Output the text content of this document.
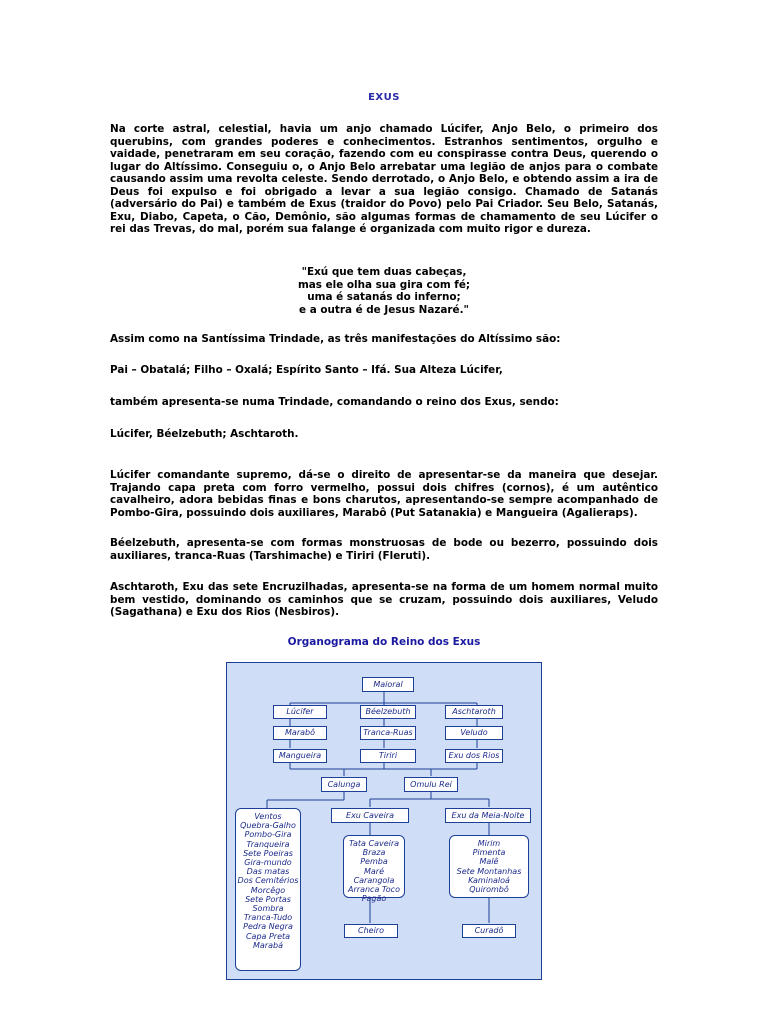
EXUS

Na corte astral, celestial, havia um anjo chamado Lúcifer, Anjo Belo, o primeiro dos querubins, com grandes poderes e conhecimentos. Estranhos sentimentos, orgulho e vaidade, penetraram em seu coração, fazendo com eu conspirasse contra Deus, querendo o lugar do Altíssimo. Conseguiu o, o Anjo Belo arrebatar uma legião de anjos para o combate causando assim uma revolta celeste. Sendo derrotado, o Anjo Belo, e obtendo assim a ira de Deus foi expulso e foi obrigado a levar a sua legião consigo. Chamado de Satanás (adversário do Pai) e também de Exus (traidor do Povo) pelo Pai Criador. Seu Belo, Satanás, Exu, Diabo, Capeta, o Cão, Demônio, são algumas formas de chamamento de seu Lúcifer o rei das Trevas, do mal, porém sua falange é organizada com muito rigor e dureza.

"Exú que tem duas cabeças,
mas ele olha sua gira com fé;
uma é satanás do inferno;
e a outra é de Jesus Nazaré."

Assim como na Santíssima Trindade, as três manifestações do Altíssimo são:

Pai – Obatalá; Filho – Oxalá; Espírito Santo – Ifá. Sua Alteza Lúcifer,

também apresenta-se numa Trindade, comandando o reino dos Exus, sendo:

Lúcifer, Béelzebuth; Aschtaroth.

Lúcifer comandante supremo, dá-se o direito de apresentar-se da maneira que desejar. Trajando capa preta com forro vermelho, possui dois chifres (cornos), é um autêntico cavalheiro, adora bebidas finas e bons charutos, apresentando-se sempre acompanhado de Pombo-Gira, possuindo dois auxiliares, Marabô (Put Satanakia) e Mangueira (Agalieraps).

Béelzebuth, apresenta-se com formas monstruosas de bode ou bezerro, possuindo dois auxiliares, tranca-Ruas (Tarshimache) e Tiriri (Fleruti).

Aschtaroth, Exu das sete Encruzilhadas, apresenta-se na forma de um homem normal muito bem vestido, dominando os caminhos que se cruzam, possuindo dois auxiliares, Veludo (Sagathana) e Exu dos Rios (Nesbiros).

Organograma do Reino dos Exus
Maioral
Lúcifer
Marabô
Mangueira
Béelzebuth
Tranca-Ruas
Tiriri
Aschtaroth
Veludo
Exu dos Rios
Calunga	Omulu Rei
Ventos
Quebra-Galho
Pombo-Gira
Tranqueira
Sete Poeiras
Gira-mundo
Das matas
Dos Cemitérios
Morcêgo
Sete Portas
Sombra
Tranca-Tudo
Pedra Negra
Capa Preta
Marabá
Exu Caveira
Tata Caveira
Braza
Pemba
Maré
Carangola
Arranca Toco
Pagão
Cheiro
Exu da Meia-Noite
Mirim
Pimenta
Malê
Sete Montanhas
Kaminaloá
Quirombô
Curadô
